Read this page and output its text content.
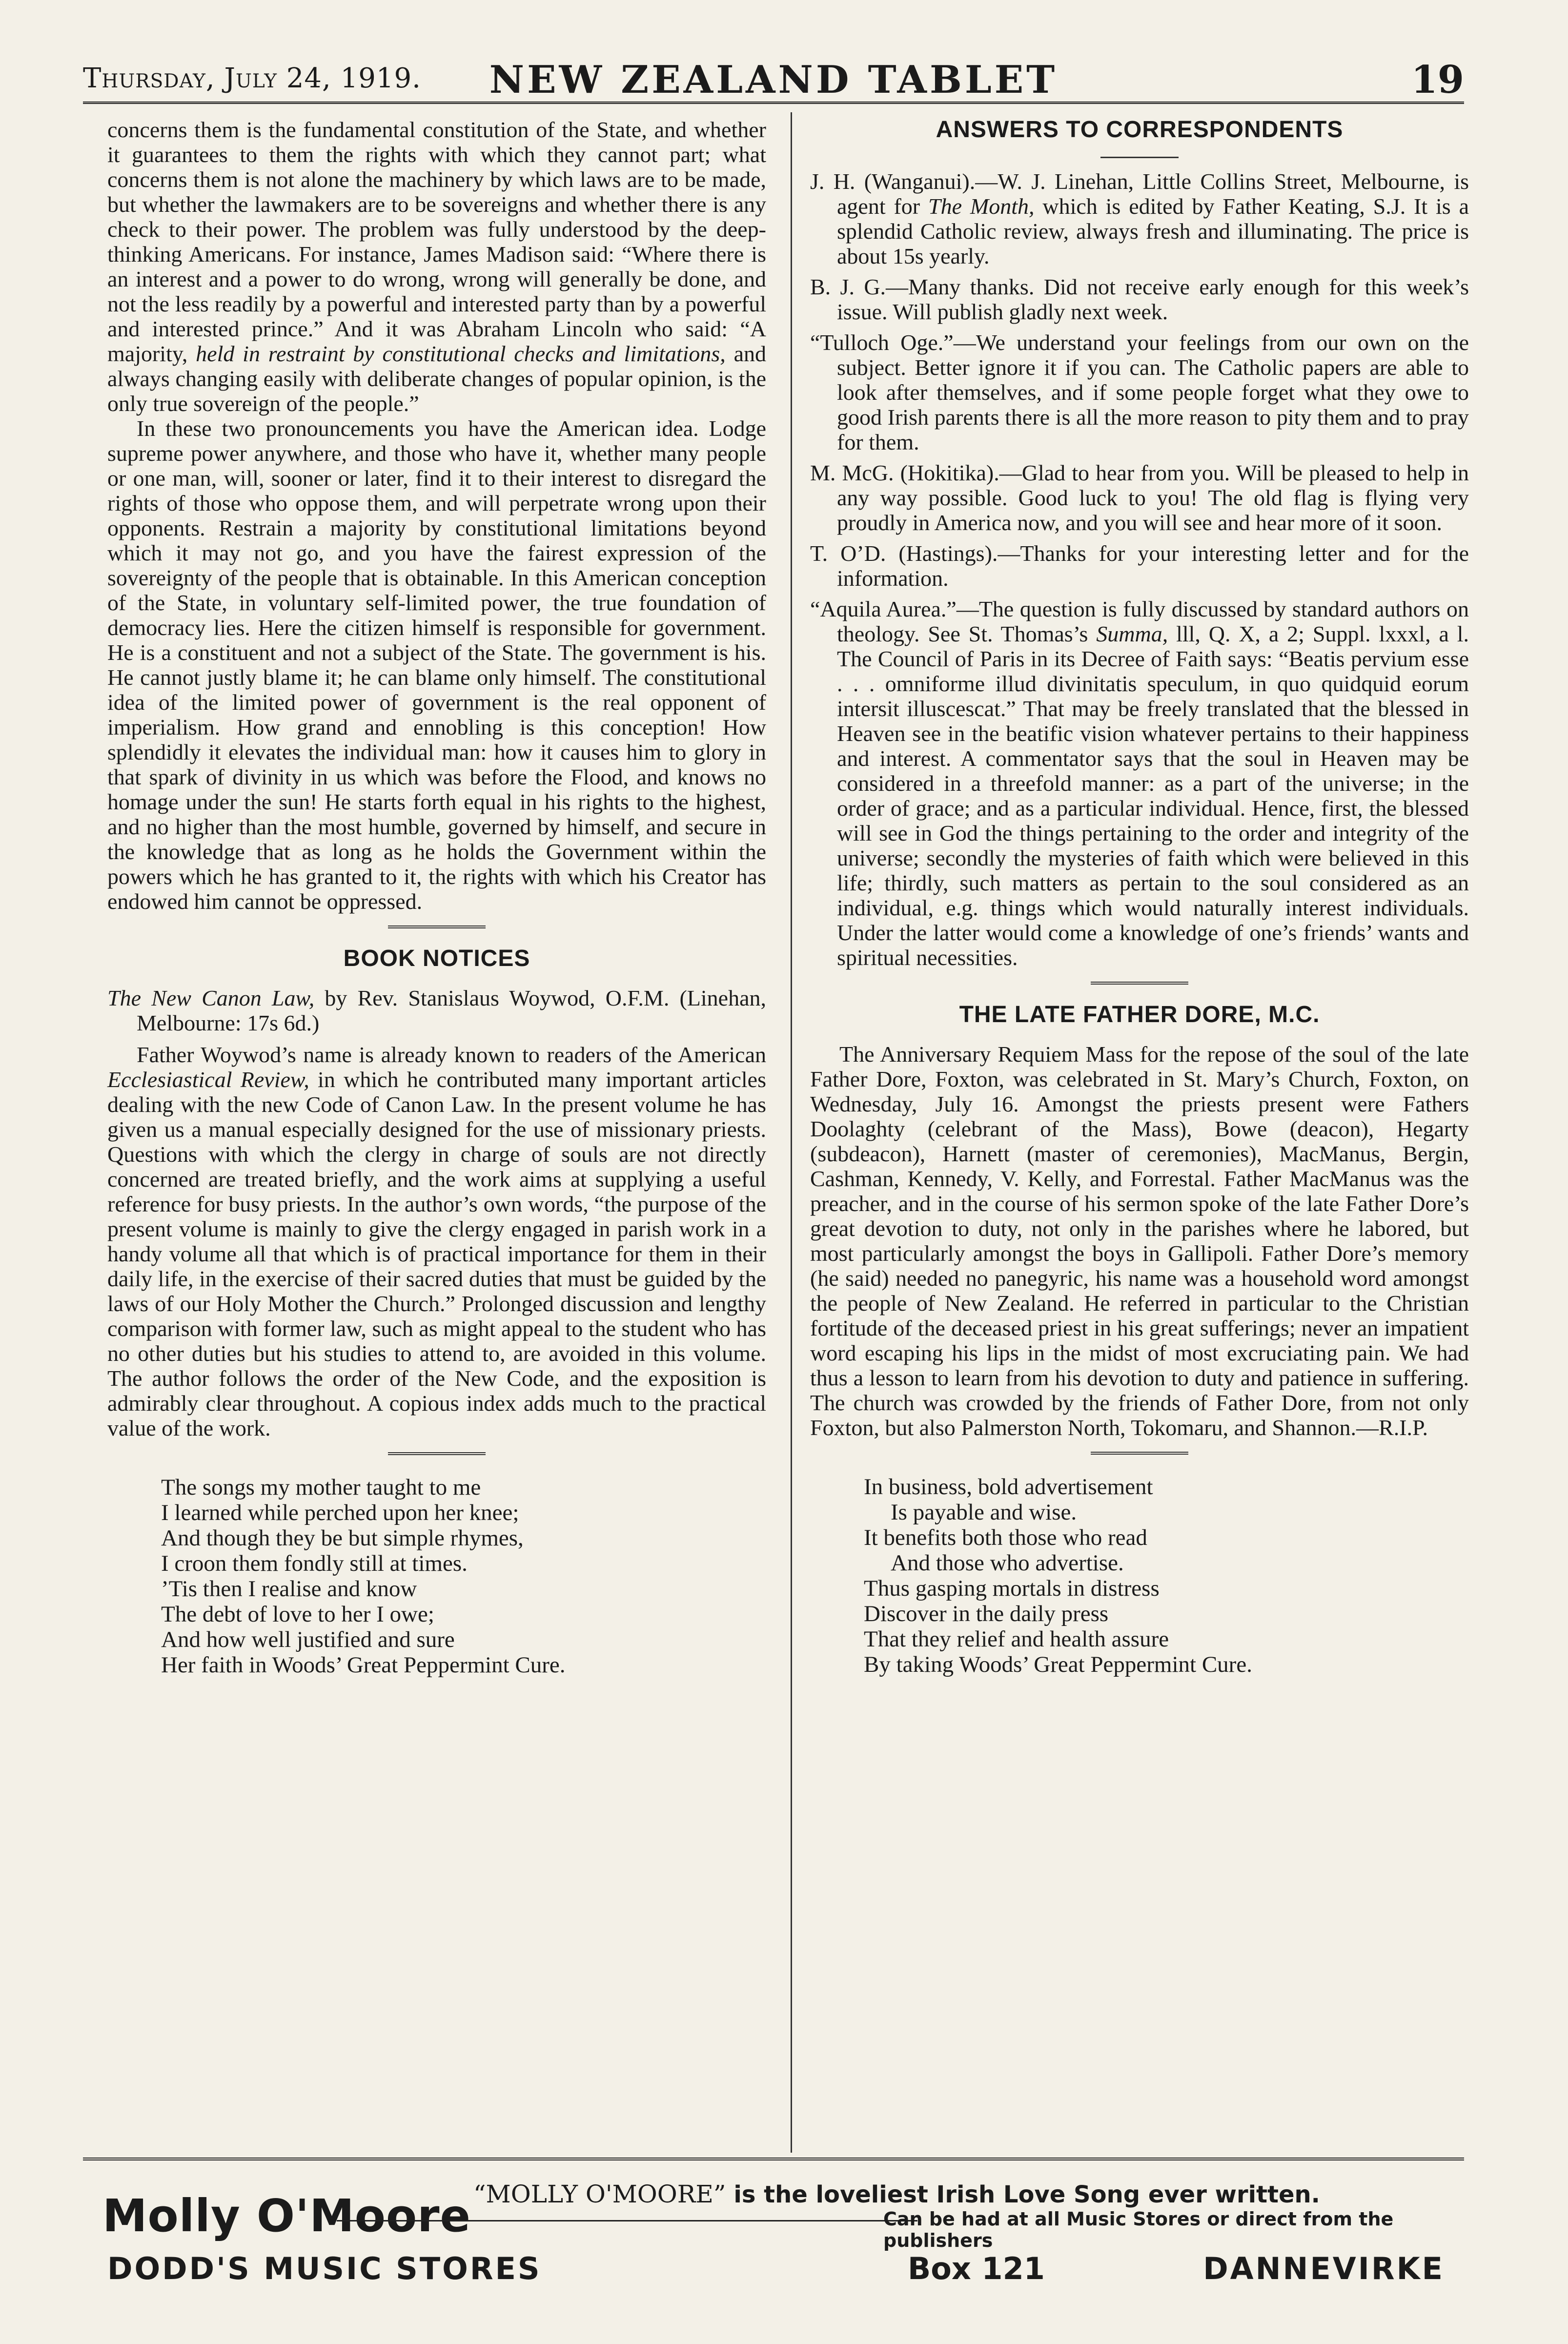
Thursday, July 24, 1919.	NEW ZEALAND TABLET	19

concerns them is the fundamental constitution of the State, and whether it guarantees to them the rights with which they cannot part; what concerns them is not alone the machinery by which laws are to be made, but whether the lawmakers are to be sovereigns and whether there is any check to their power. The problem was fully understood by the deep-thinking Americans. For instance, James Madison said: “Where there is an interest and a power to do wrong, wrong will generally be done, and not the less readily by a powerful and interested party than by a powerful and interested prince.” And it was Abraham Lincoln who said: “A majority, held in restraint by constitutional checks and limitations, and always changing easily with deliberate changes of popular opinion, is the only true sovereign of the people.”

In these two pronouncements you have the American idea. Lodge supreme power anywhere, and those who have it, whether many people or one man, will, sooner or later, find it to their interest to disregard the rights of those who oppose them, and will perpetrate wrong upon their opponents. Restrain a majority by constitutional limitations beyond which it may not go, and you have the fairest expression of the sovereignty of the people that is obtainable. In this American conception of the State, in voluntary self-limited power, the true foundation of democracy lies. Here the citizen himself is responsible for government. He is a constituent and not a subject of the State. The government is his. He cannot justly blame it; he can blame only himself. The constitutional idea of the limited power of government is the real opponent of imperialism. How grand and ennobling is this conception! How splendidly it elevates the individual man: how it causes him to glory in that spark of divinity in us which was before the Flood, and knows no homage under the sun! He starts forth equal in his rights to the highest, and no higher than the most humble, governed by himself, and secure in the knowledge that as long as he holds the Government within the powers which he has granted to it, the rights with which his Creator has endowed him cannot be oppressed.

BOOK NOTICES

The New Canon Law, by Rev. Stanislaus Woywod, O.F.M. (Linehan, Melbourne: 17s 6d.)

Father Woywod’s name is already known to readers of the American Ecclesiastical Review, in which he contributed many important articles dealing with the new Code of Canon Law. In the present volume he has given us a manual especially designed for the use of missionary priests. Questions with which the clergy in charge of souls are not directly concerned are treated briefly, and the work aims at supplying a useful reference for busy priests. In the author’s own words, “the purpose of the present volume is mainly to give the clergy engaged in parish work in a handy volume all that which is of practical importance for them in their daily life, in the exercise of their sacred duties that must be guided by the laws of our Holy Mother the Church.” Prolonged discussion and lengthy comparison with former law, such as might appeal to the student who has no other duties but his studies to attend to, are avoided in this volume. The author follows the order of the New Code, and the exposition is admirably clear throughout. A copious index adds much to the practical value of the work.

The songs my mother taught to me
I learned while perched upon her knee;
And though they be but simple rhymes,
I croon them fondly still at times.
’Tis then I realise and know
The debt of love to her I owe;
And how well justified and sure
Her faith in Woods’ Great Peppermint Cure.
ANSWERS TO CORRESPONDENTS

J. H. (Wanganui).—W. J. Linehan, Little Collins Street, Melbourne, is agent for The Month, which is edited by Father Keating, S.J. It is a splendid Catholic review, always fresh and illuminating. The price is about 15s yearly.

B. J. G.—Many thanks. Did not receive early enough for this week’s issue. Will publish gladly next week.

“Tulloch Oge.”—We understand your feelings from our own on the subject. Better ignore it if you can. The Catholic papers are able to look after themselves, and if some people forget what they owe to good Irish parents there is all the more reason to pity them and to pray for them.

M. McG. (Hokitika).—Glad to hear from you. Will be pleased to help in any way possible. Good luck to you! The old flag is flying very proudly in America now, and you will see and hear more of it soon.

T. O’D. (Hastings).—Thanks for your interesting letter and for the information.

“Aquila Aurea.”—The question is fully discussed by standard authors on theology. See St. Thomas’s Summa, lll, Q. X, a 2; Suppl. lxxxl, a l. The Council of Paris in its Decree of Faith says: “Beatis pervium esse . . . omniforme illud divinitatis speculum, in quo quidquid eorum intersit illuscescat.” That may be freely translated that the blessed in Heaven see in the beatific vision whatever pertains to their happiness and interest. A commentator says that the soul in Heaven may be considered in a threefold manner: as a part of the universe; in the order of grace; and as a particular individual. Hence, first, the blessed will see in God the things pertaining to the order and integrity of the universe; secondly the mysteries of faith which were believed in this life; thirdly, such matters as pertain to the soul considered as an individual, e.g. things which would naturally interest individuals. Under the latter would come a knowledge of one’s friends’ wants and spiritual necessities.

THE LATE FATHER DORE, M.C.

The Anniversary Requiem Mass for the repose of the soul of the late Father Dore, Foxton, was celebrated in St. Mary’s Church, Foxton, on Wednesday, July 16. Amongst the priests present were Fathers Doolaghty (celebrant of the Mass), Bowe (deacon), Hegarty (subdeacon), Harnett (master of ceremonies), MacManus, Bergin, Cashman, Kennedy, V. Kelly, and Forrestal. Father MacManus was the preacher, and in the course of his sermon spoke of the late Father Dore’s great devotion to duty, not only in the parishes where he labored, but most particularly amongst the boys in Gallipoli. Father Dore’s memory (he said) needed no panegyric, his name was a household word amongst the people of New Zealand. He referred in particular to the Christian fortitude of the deceased priest in his great sufferings; never an impatient word escaping his lips in the midst of most excruciating pain. We had thus a lesson to learn from his devotion to duty and patience in suffering. The church was crowded by the friends of Father Dore, from not only Foxton, but also Palmerston North, Tokomaru, and Shannon.—R.I.P.

In business, bold advertisement
Is payable and wise.
It benefits both those who read
And those who advertise.
Thus gasping mortals in distress
Discover in the daily press
That they relief and health assure
By taking Woods’ Great Peppermint Cure.
Molly O'Moore “MOLLY O'MOORE” is the loveliest Irish Love Song ever written.
Can be had at all Music Stores or direct from the publishers
DODD'S MUSIC STORES	Box 121	DANNEVIRKE
